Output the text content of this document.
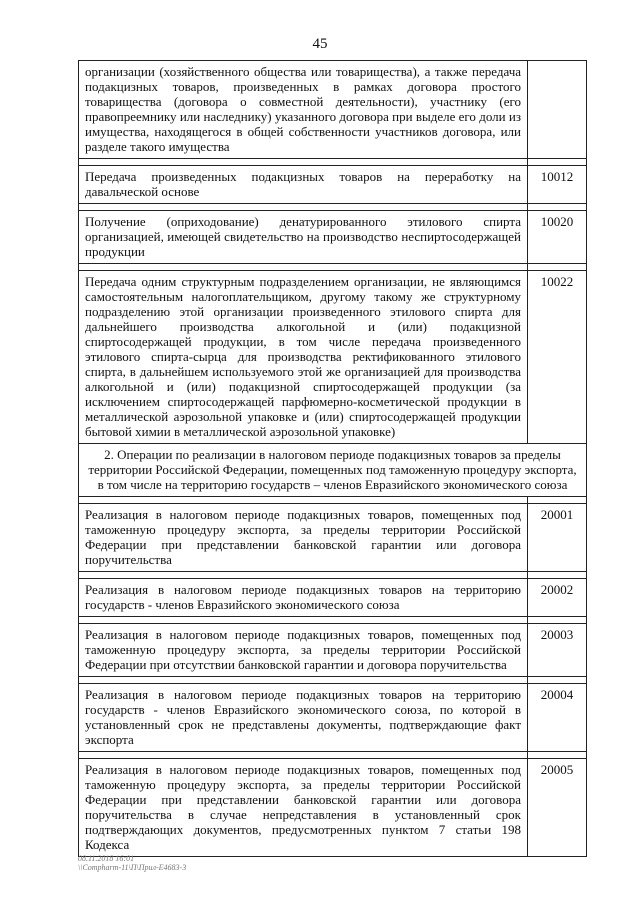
45
организации (хозяйственного общества или товарищества), а также передача подакцизных товаров, произведенных в рамках договора простого товарищества (договора о совместной деятельности), участнику (его правопреемнику или наследнику) указанного договора при выделе его доли из имущества, находящегося в общей собственности участников договора, или разделе такого имущества	

Передача произведенных подакцизных товаров на переработку на давальческой основе	10012

Получение (оприходование) денатурированного этилового спирта организацией, имеющей свидетельство на производство неспиртосодержащей продукции	10020

Передача одним структурным подразделением организации, не являющимся самостоятельным налогоплательщиком, другому такому же структурному подразделению этой организации произведенного этилового спирта для дальнейшего производства алкогольной и (или) подакцизной спиртосодержащей продукции, в том числе передача произведенного этилового спирта-сырца для производства ректификованного этилового спирта, в дальнейшем используемого этой же организацией для производства алкогольной и (или) подакцизной спиртосодержащей продукции (за исключением спиртосодержащей парфюмерно-косметической продукции в металлической аэрозольной упаковке и (или) спиртосодержащей продукции бытовой химии в металлической аэрозольной упаковке)	10022
2. Операции по реализации в налоговом периоде подакцизных товаров за пределы территории Российской Федерации, помещенных под таможенную процедуру экспорта, в том числе на территорию государств – членов Евразийского экономического союза	

Реализация в налоговом периоде подакцизных товаров, помещенных под таможенную процедуру экспорта, за пределы территории Российской Федерации при представлении банковской гарантии или договора поручительства	20001

Реализация в налоговом периоде подакцизных товаров на территорию государств - членов Евразийского экономического союза	20002

Реализация в налоговом периоде подакцизных товаров, помещенных под таможенную процедуру экспорта, за пределы территории Российской Федерации при отсутствии банковской гарантии и договора поручительства	20003

Реализация в налоговом периоде подакцизных товаров на территорию государств - членов Евразийского экономического союза, по которой в установленный срок не представлены документы, подтверждающие факт экспорта	20004

Реализация в налоговом периоде подакцизных товаров, помещенных под таможенную процедуру экспорта, за пределы территории Российской Федерации при представлении банковской гарантии или договора поручительства в случае непредставления в установленный срок подтверждающих документов, предусмотренных пунктом 7 статьи 198 Кодекса	20005
08.11.2018 16:01
\\Compharm-11\П\Прил-Е4683-3
